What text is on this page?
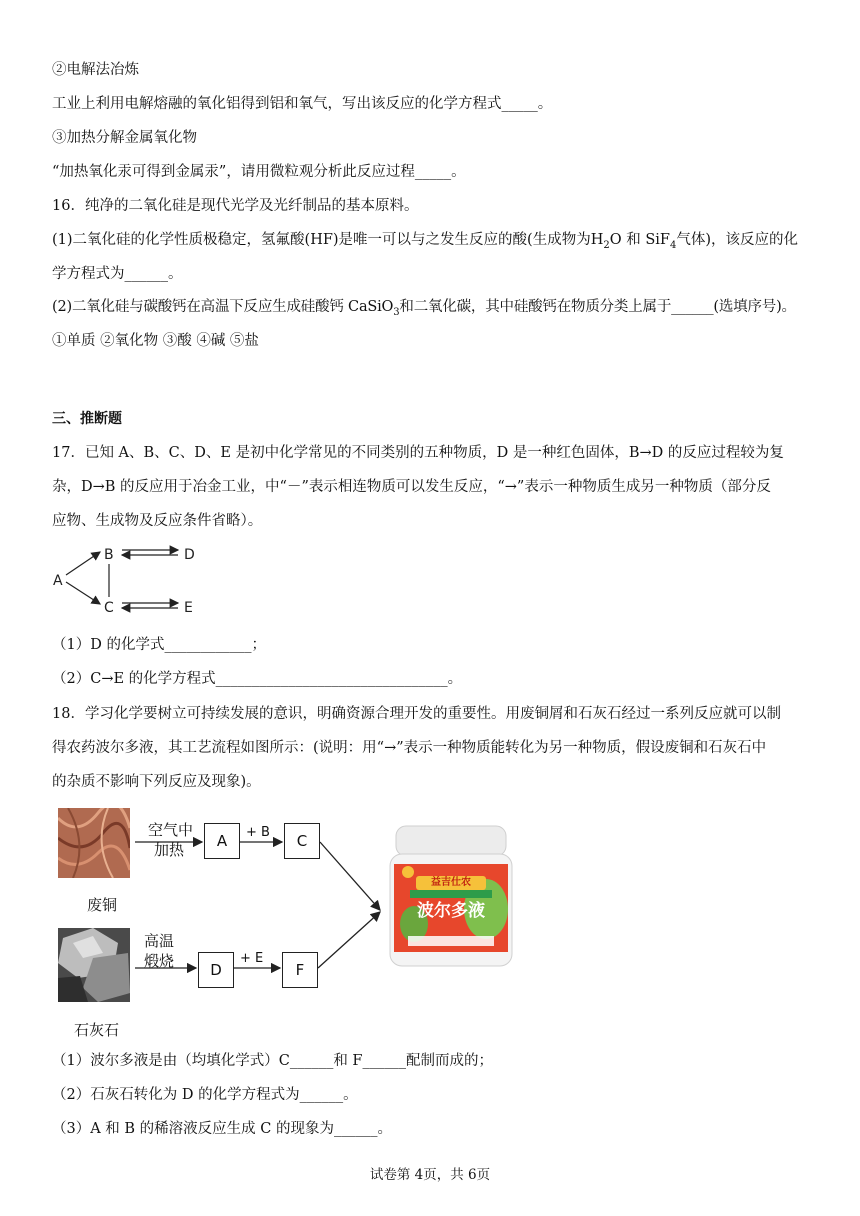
②电解法冶炼
工业上利用电解熔融的氧化铝得到铝和氧气，写出该反应的化学方程式_____。
③加热分解金属氧化物
“加热氧化汞可得到金属汞”，请用微粒观分析此反应过程_____。
16．纯净的二氧化硅是现代光学及光纤制品的基本原料。
(1)二氧化硅的化学性质极稳定，氢氟酸(HF)是唯一可以与之发生反应的酸(生成物为$H_2O$ 和 SiF$_4$气体)，该反应的化
学方程式为______。
(2)二氧化硅与碳酸钙在高温下反应生成硅酸钙 CaSiO$_3$和二氧化碳，其中硅酸钙在物质分类上属于______(选填序号)。
①单质 ②氧化物 ③酸 ④碱 ⑤盐
三、推断题
17．已知 A、B、C、D、E 是初中化学常见的不同类别的五种物质，D 是一种红色固体，B→D 的反应过程较为复
杂，D→B 的反应用于冶金工业，中“－”表示相连物质可以发生反应，“→”表示一种物质生成另一种物质（部分反
应物、生成物及反应条件省略）。
A
B
C
D
E
（1）D 的化学式____________；
（2）C→E 的化学方程式________________________________。
18．学习化学要树立可持续发展的意识，明确资源合理开发的重要性。用废铜屑和石灰石经过一系列反应就可以制
得农药波尔多液，其工艺流程如图所示：(说明：用“→”表示一种物质能转化为另一种物质，假设废铜和石灰石中
的杂质不影响下列反应及现象)。
废铜
空气中
加热	A	+ B	C
石灰石
高温
煅烧	D
+ E
F
益吉仕农
波尔多液
（1）波尔多液是由（均填化学式）C______和 F______配制而成的；
（2）石灰石转化为 D 的化学方程式为______。
（3）A 和 B 的稀溶液反应生成 C 的现象为______。
试卷第 4页，共 6页
